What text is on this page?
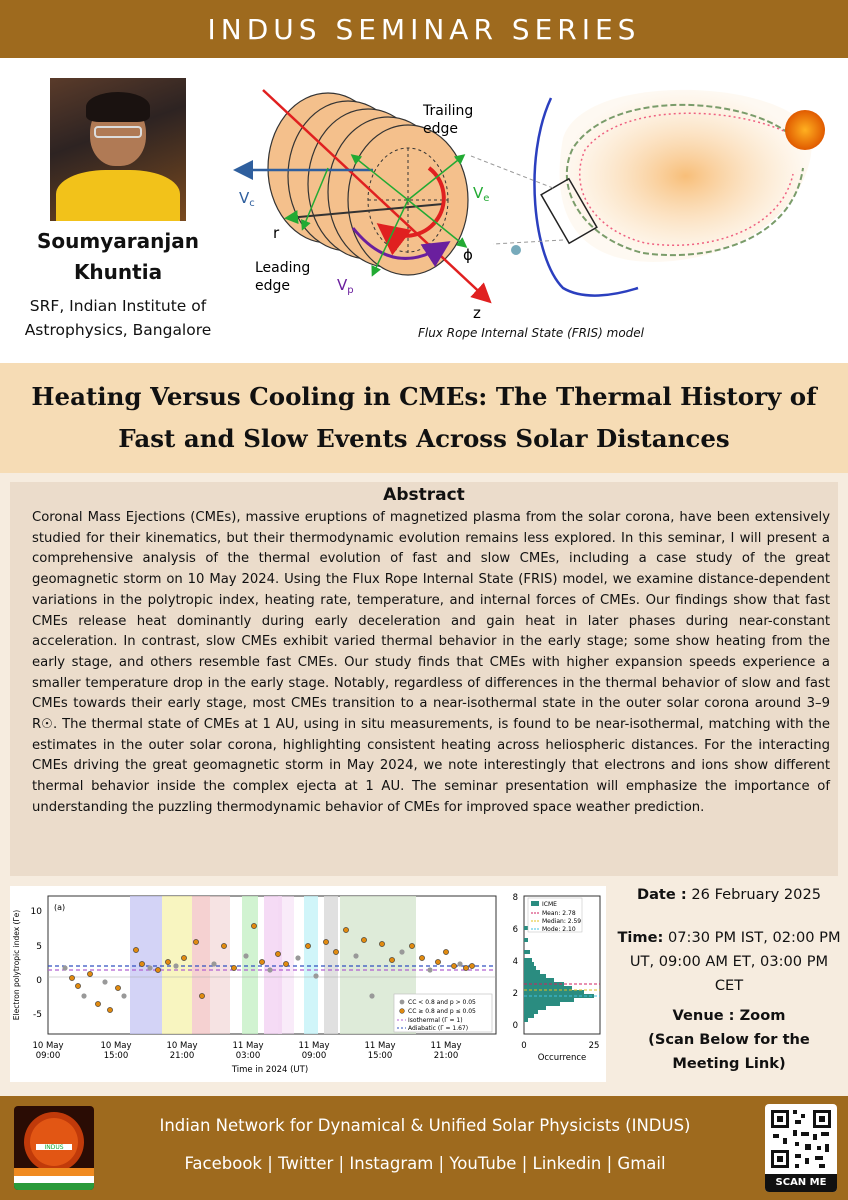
INDUS SEMINAR SERIES
Soumyaranjan
Khuntia
SRF, Indian Institute of
Astrophysics, Bangalore
Trailing
edge
Leading
edge
$V_c$
$V_e$
$V_p$
r
ϕ
z
Flux Rope Internal State (FRIS) model
Heating Versus Cooling in CMEs: The Thermal History of
Fast and Slow Events Across Solar Distances
Abstract

Coronal Mass Ejections (CMEs), massive eruptions of magnetized plasma from the solar corona, have been extensively studied for their kinematics, but their thermodynamic evolution remains less explored. In this seminar, I will present a comprehensive analysis of the thermal evolution of fast and slow CMEs, including a case study of the great geomagnetic storm on 10 May 2024. Using the Flux Rope Internal State (FRIS) model, we examine distance-dependent variations in the polytropic index, heating rate, temperature, and internal forces of CMEs. Our findings show that fast CMEs release heat dominantly during early deceleration and gain heat in later phases during near-constant acceleration. In contrast, slow CMEs exhibit varied thermal behavior in the early stage; some show heating from the early stage, and others resemble fast CMEs. Our study finds that CMEs with higher expansion speeds experience a smaller temperature drop in the early stage. Notably, regardless of differences in the thermal behavior of slow and fast CMEs towards their early stage, most CMEs transition to a near-isothermal state in the outer solar corona around 3–9 R☉. The thermal state of CMEs at 1 AU, using in situ measurements, is found to be near-isothermal, matching with the estimates in the outer solar corona, highlighting consistent heating across heliospheric distances. For the interacting CMEs driving the great geomagnetic storm in May 2024, we note interestingly that electrons and ions show different thermal behavior inside the complex ejecta at 1 AU. The seminar presentation will emphasize the importance of understanding the puzzling thermodynamic behavior of CMEs for improved space weather prediction.

CC < 0.8 and p > 0.05
CC ≥ 0.8 and p ≤ 0.05
Isothermal (Γ = 1)
Adiabatic (Γ = 1.67)
(a)
10
5
0
-5
Electron polytropic index (Γe)
10 May
09:00
10 May
15:00
10 May
21:00
11 May
03:00
11 May
09:00
11 May
15:00
11 May
21:00
Time in 2024 (UT)
ICME
Mean: 2.78
Median: 2.59
Mode: 2.10
8
6
4
2
0
0	25
Occurrence
Date : 26 February 2025
Time: 07:30 PM IST, 02:00 PM UT, 09:00 AM ET, 03:00 PM CET
Venue : Zoom
(Scan Below for the
Meeting Link)
INDUS
Indian Network for Dynamical & Unified Solar Physicists (INDUS)
Facebook | Twitter | Instagram | YouTube | Linkedin | Gmail
SCAN ME
